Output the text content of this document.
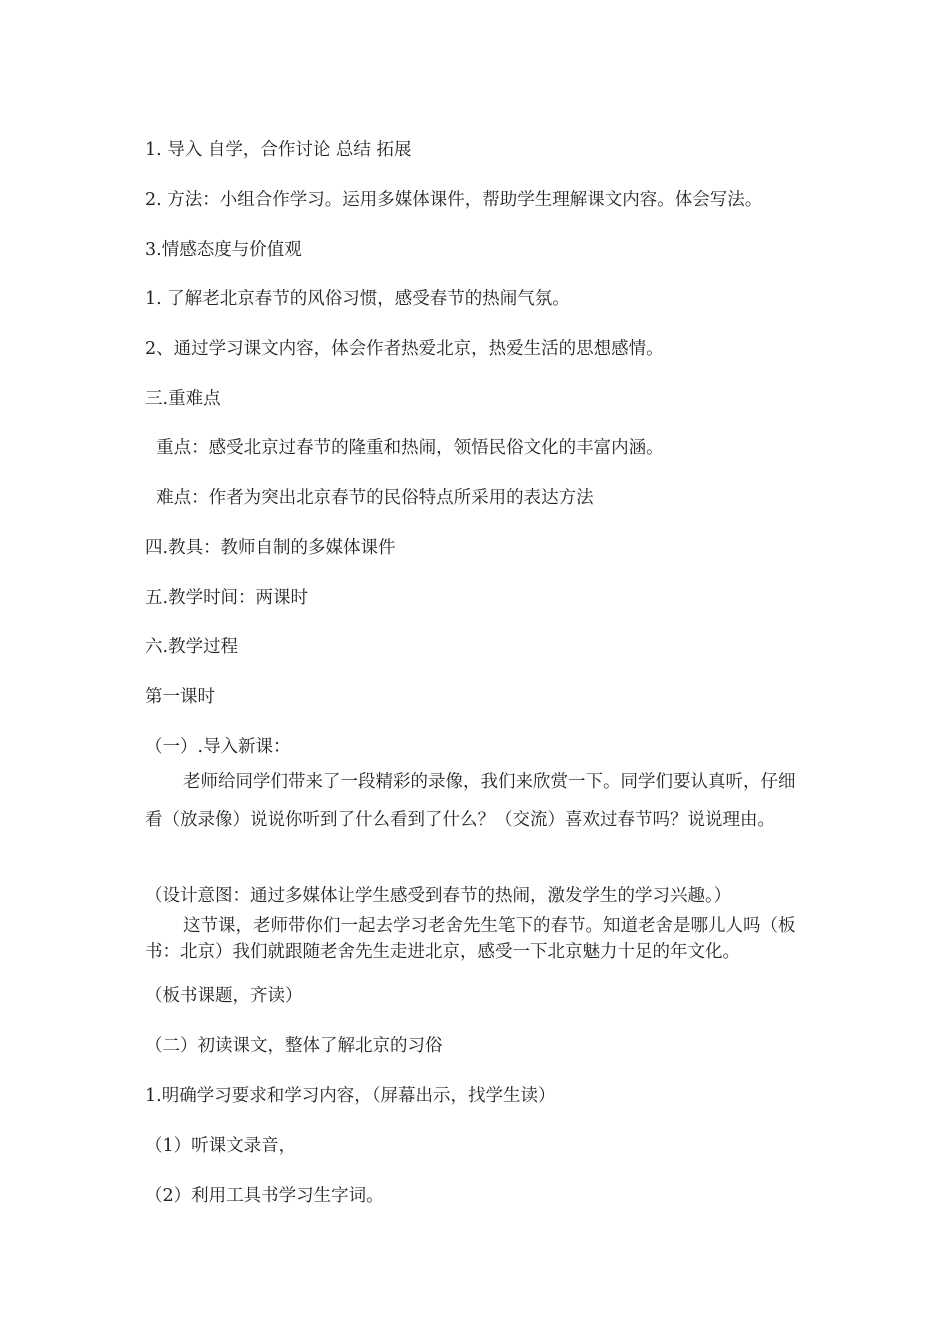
1. 导入 自学，合作讨论 总结 拓展
2. 方法：小组合作学习。运用多媒体课件，帮助学生理解课文内容。体会写法。
3.情感态度与价值观
1. 了解老北京春节的风俗习惯，感受春节的热闹气氛。
2、通过学习课文内容，体会作者热爱北京，热爱生活的思想感情。
三.重难点
重点：感受北京过春节的隆重和热闹，领悟民俗文化的丰富内涵。
难点：作者为突出北京春节的民俗特点所采用的表达方法
四.教具：教师自制的多媒体课件
五.教学时间：两课时
六.教学过程
第一课时
（一）.导入新课：
老师给同学们带来了一段精彩的录像，我们来欣赏一下。同学们要认真听，仔细看（放录像）说说你听到了什么看到了什么？（交流）喜欢过春节吗？说说理由。
（设计意图：通过多媒体让学生感受到春节的热闹，激发学生的学习兴趣。）
这节课，老师带你们一起去学习老舍先生笔下的春节。知道老舍是哪儿人吗（板书：北京）我们就跟随老舍先生走进北京，感受一下北京魅力十足的年文化。
（板书课题，齐读）
（二）初读课文，整体了解北京的习俗
1.明确学习要求和学习内容，（屏幕出示，找学生读）
（1）听课文录音，
（2）利用工具书学习生字词。
